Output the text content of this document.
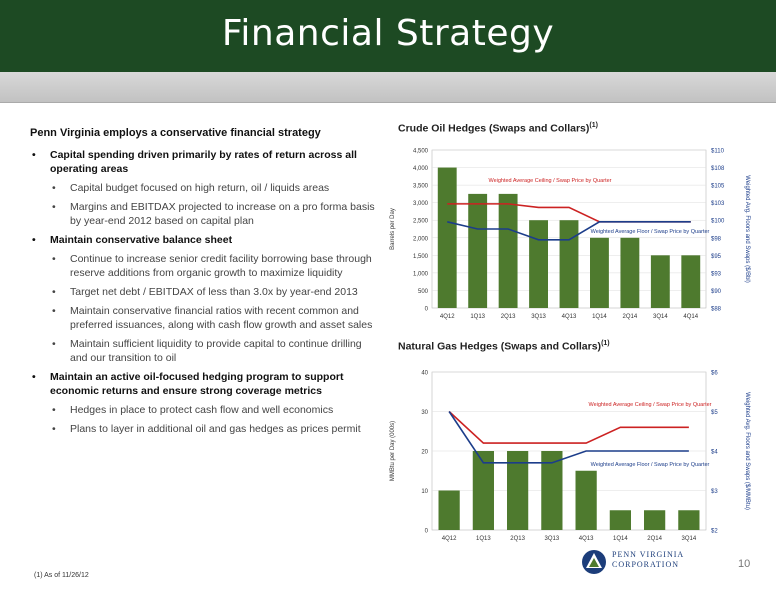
Financial Strategy
Penn Virginia employs a conservative financial strategy
• Capital spending driven primarily by rates of return across all operating areas
• Capital budget focused on high return, oil / liquids areas
• Margins and EBITDAX projected to increase on a pro forma basis by year-end 2012 based on capital plan
• Maintain conservative balance sheet
• Continue to increase senior credit facility borrowing base through reserve additions from organic growth to maximize liquidity
• Target net debt / EBITDAX of less than 3.0x by year-end 2013
• Maintain conservative financial ratios with recent common and preferred issuances, along with cash flow growth and asset sales
• Maintain sufficient liquidity to provide capital to continue drilling and our transition to oil
• Maintain an active oil-focused hedging program to support economic returns and ensure strong coverage metrics
• Hedges in place to protect cash flow and well economics
• Plans to layer in additional oil and gas hedges as prices permit
Crude Oil Hedges (Swaps and Collars)$^{(1)}$
0
500
1,000
1,500
2,000
2,500
3,000
3,500
4,000
4,500
$88
$90
$93
$95
$98
$100
$103
$105
$108
$110
4Q12	1Q13	2Q13	3Q13	4Q13	1Q14	2Q14	3Q14	4Q14
Barrels per Day	Weighted Avg. Floors and Swaps ($/Bbl)
Weighted Average Ceiling / Swap Price by Quarter
Weighted Average Floor / Swap Price by Quarter
Natural Gas Hedges (Swaps and Collars)$^{(1)}$
0
10
20
30
40
$2
$3
$4
$5
$6
4Q12	1Q13	2Q13	3Q13	4Q13	1Q14	2Q14	3Q14
MMBtu per Day (000s)	Weighted Avg. Floors and Swaps ($/MMBtu)
Weighted Average Ceiling / Swap Price by Quarter
Weighted Average Floor / Swap Price by Quarter
(1) As of 11/26/12
PENN VIRGINIA
CORPORATION	10
